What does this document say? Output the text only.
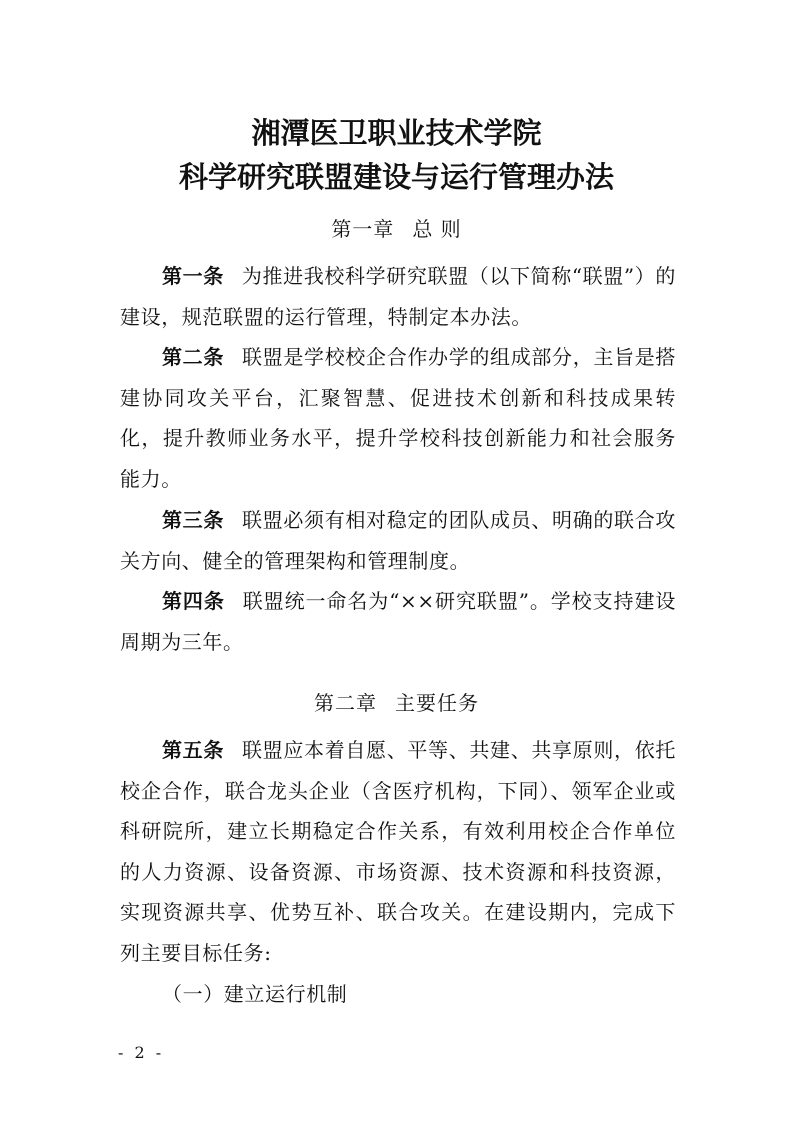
湘潭医卫职业技术学院
科学研究联盟建设与运行管理办法
第一章 总 则
第一条 为推进我校科学研究联盟（以下简称“联盟”）的建设，规范联盟的运行管理，特制定本办法。
第二条 联盟是学校校企合作办学的组成部分，主旨是搭建协同攻关平台，汇聚智慧、促进技术创新和科技成果转化，提升教师业务水平，提升学校科技创新能力和社会服务能力。
第三条 联盟必须有相对稳定的团队成员、明确的联合攻关方向、健全的管理架构和管理制度。
第四条 联盟统一命名为“××研究联盟”。学校支持建设周期为三年。
第二章 主要任务
第五条 联盟应本着自愿、平等、共建、共享原则，依托校企合作，联合龙头企业（含医疗机构，下同）、领军企业或科研院所，建立长期稳定合作关系，有效利用校企合作单位的人力资源、设备资源、市场资源、技术资源和科技资源，实现资源共享、优势互补、联合攻关。在建设期内，完成下列主要目标任务:
（一）建立运行机制
- 2 -
